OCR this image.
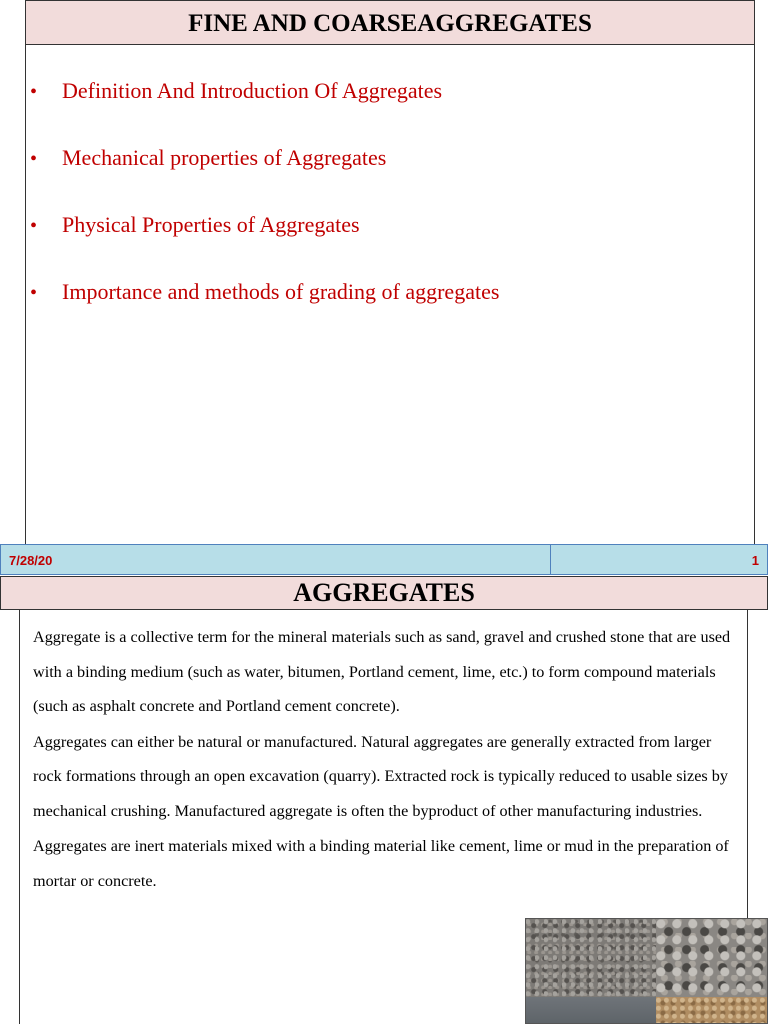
FINE AND COARSEAGGREGATES
•	Definition And Introduction Of Aggregates
•	Mechanical properties of Aggregates
•	Physical Properties of Aggregates
•	Importance and methods of grading of aggregates
7/28/20	1
AGGREGATES

Aggregate is a collective term for the mineral materials such as sand, gravel and crushed stone that are used with a binding medium (such as water, bitumen, Portland cement, lime, etc.) to form compound materials (such as asphalt concrete and Portland cement concrete).

Aggregates can either be natural or manufactured. Natural aggregates are generally extracted from larger rock formations through an open excavation (quarry). Extracted rock is typically reduced to usable sizes by mechanical crushing. Manufactured aggregate is often the byproduct of other manufacturing industries.

Aggregates are inert materials mixed with a binding material like cement, lime or mud in the preparation of mortar or concrete.
